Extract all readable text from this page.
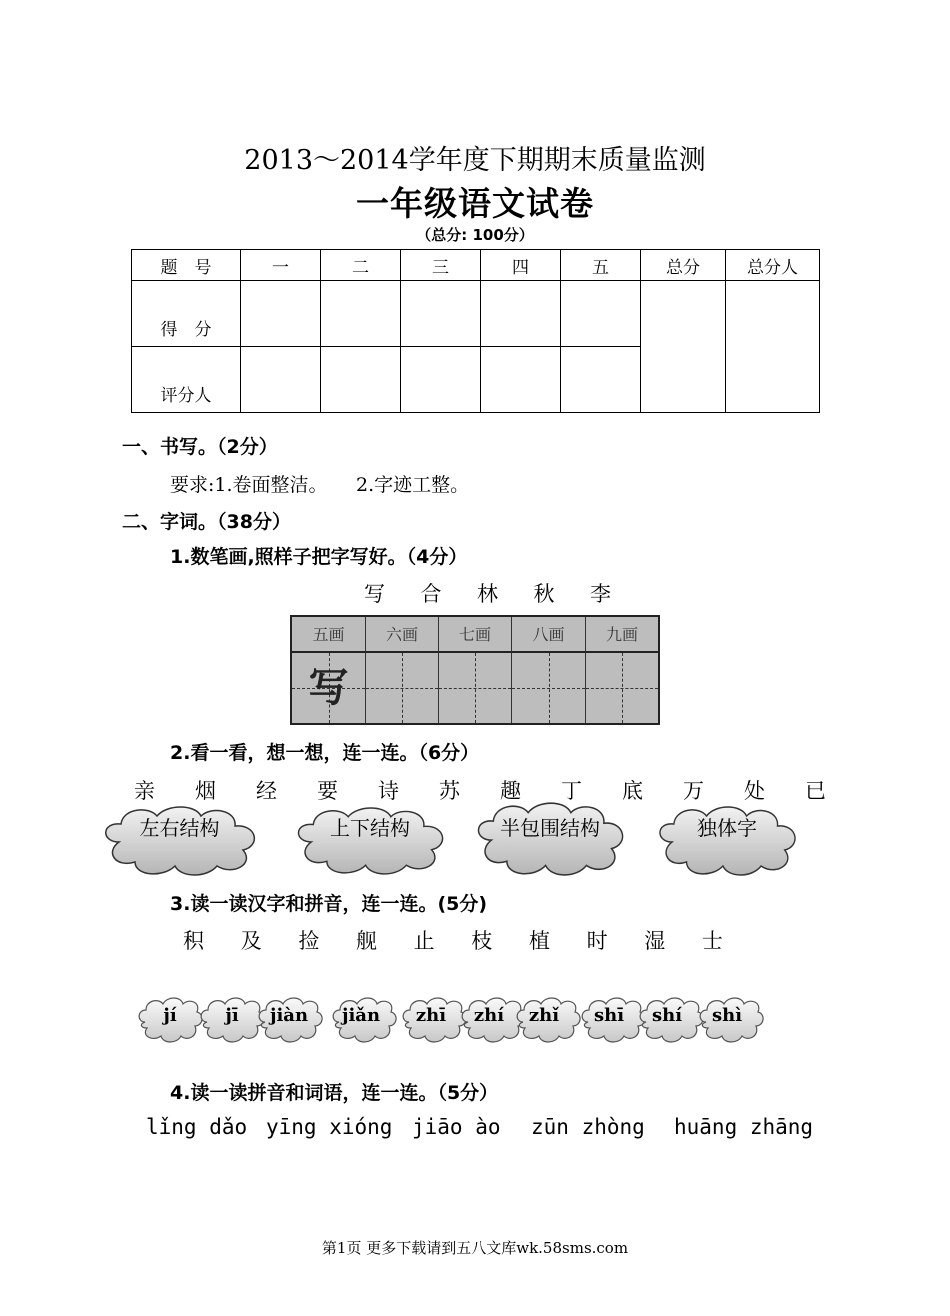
2013～2014学年度下期期末质量监测
一年级语文试卷
（总分: 100分）
题　号	一	二	三	四	五	总分	总分人
得　分							
评分人							
一、书写。（2分）
要求:1.卷面整洁。　　2.字迹工整。
二、字词。（38分）
1.数笔画,照样子把字写好。（4分）
写 合 林 秋 李
五画	六画	七画	八画	九画
写
2.看一看，想一想，连一连。（6分）
亲 烟 经 要 诗 苏 趣 丁 底 万 处 已
左右结构	上下结构	半包围结构	独体字
3.读一读汉字和拼音，连一连。(5分)
积 及 捡 舰 止 枝 植 时 湿 士
jí	jī	jiàn	jiǎn	zhī	zhí	zhǐ	shī	shí	shì
4.读一读拼音和词语，连一连。（5分）
lǐng dǎo yīng xióng jiāo ào zūn zhòng huāng zhāng
第1页 更多下载请到五八文库wk.58sms.com
